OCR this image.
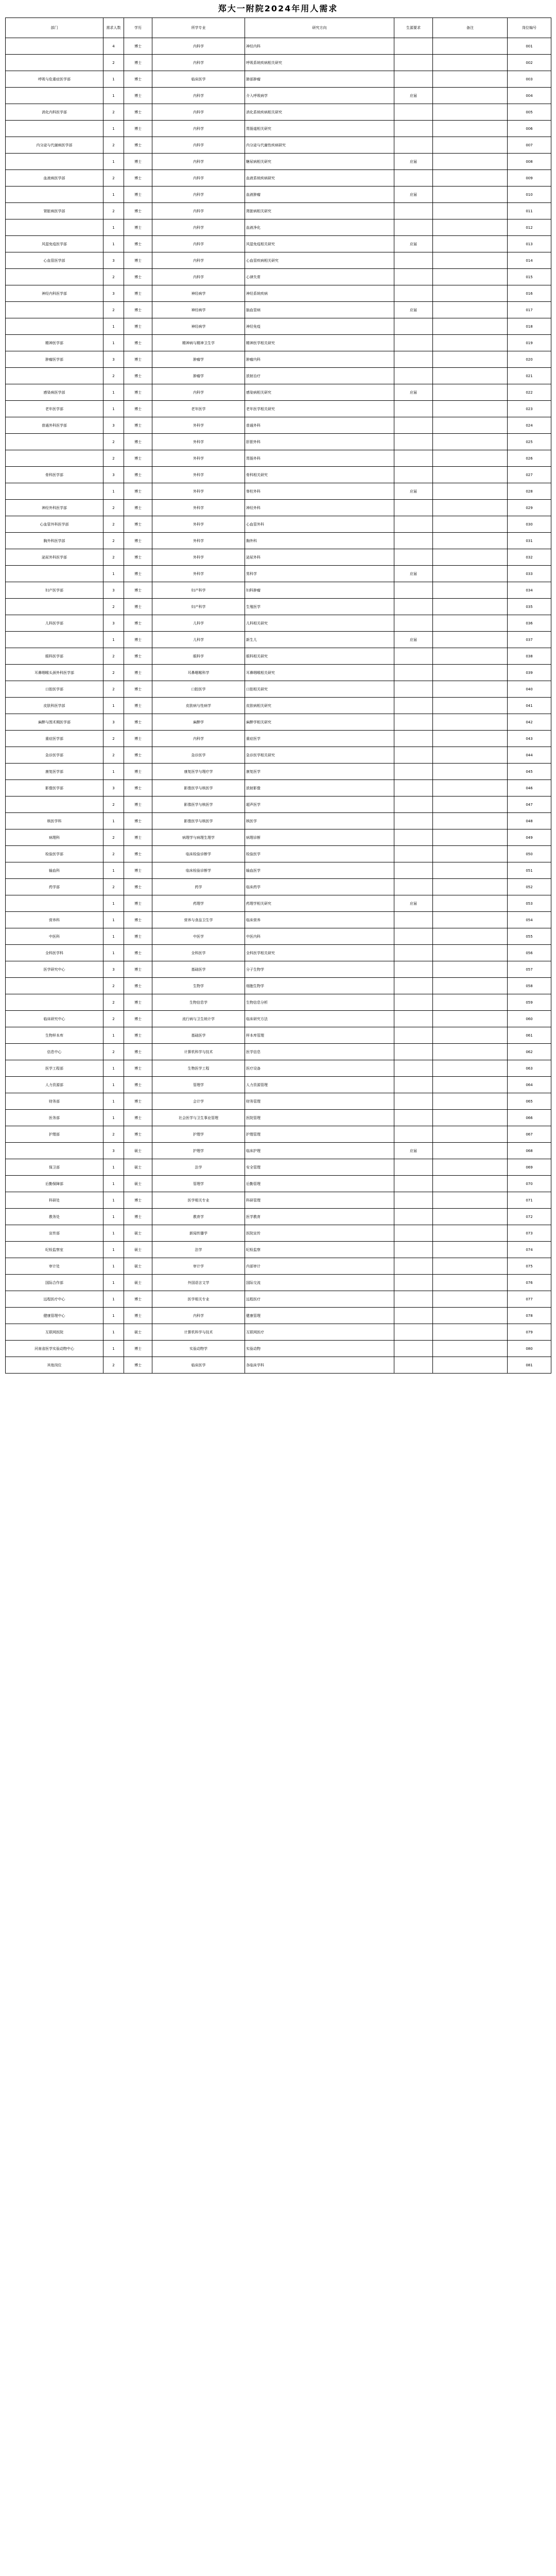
郑大一附院2024年用人需求
部门	需求人数	学历	所学专业	研究方向	生源要求	备注	岗位编号
	4	博士	内科学	神经内科			001
	2	博士	内科学	呼吸系统疾病相关研究			002
呼吸与危重症医学部	1	博士	临床医学	肺部肿瘤			003
	1	博士	内科学	介入呼吸病学	应届		004
消化内科医学部	2	博士	内科学	消化系统疾病相关研究			005
	1	博士	内科学	胃肠道相关研究			006
内分泌与代谢病医学部	2	博士	内科学	内分泌与代谢性疾病研究			007
	1	博士	内科学	糖尿病相关研究	应届		008
血液病医学部	2	博士	内科学	血液系统疾病研究			009
	1	博士	内科学	血液肿瘤	应届		010
肾脏病医学部	2	博士	内科学	肾脏病相关研究			011
	1	博士	内科学	血液净化			012
风湿免疫医学部	1	博士	内科学	风湿免疫相关研究	应届		013
心血管医学部	3	博士	内科学	心血管疾病相关研究			014
	2	博士	内科学	心律失常			015
神经内科医学部	3	博士	神经病学	神经系统疾病			016
	2	博士	神经病学	脑血管病	应届		017
	1	博士	神经病学	神经免疫			018
精神医学部	1	博士	精神病与精神卫生学	精神医学相关研究			019
肿瘤医学部	3	博士	肿瘤学	肿瘤内科			020
	2	博士	肿瘤学	放射治疗			021
感染病医学部	1	博士	内科学	感染病相关研究	应届		022
老年医学部	1	博士	老年医学	老年医学相关研究			023
普通外科医学部	3	博士	外科学	普通外科			024
	2	博士	外科学	肝胆外科			025
	2	博士	外科学	胃肠外科			026
骨科医学部	3	博士	外科学	骨科相关研究			027
	1	博士	外科学	脊柱外科	应届		028
神经外科医学部	2	博士	外科学	神经外科			029
心血管外科医学部	2	博士	外科学	心血管外科			030
胸外科医学部	2	博士	外科学	胸外科			031
泌尿外科医学部	2	博士	外科学	泌尿外科			032
	1	博士	外科学	男科学	应届		033
妇产医学部	3	博士	妇产科学	妇科肿瘤			034
	2	博士	妇产科学	生殖医学			035
儿科医学部	3	博士	儿科学	儿科相关研究			036
	1	博士	儿科学	新生儿	应届		037
眼科医学部	2	博士	眼科学	眼科相关研究			038
耳鼻咽喉头颈外科医学部	2	博士	耳鼻咽喉科学	耳鼻咽喉相关研究			039
口腔医学部	2	博士	口腔医学	口腔相关研究			040
皮肤科医学部	1	博士	皮肤病与性病学	皮肤病相关研究			041
麻醉与围术期医学部	3	博士	麻醉学	麻醉学相关研究			042
重症医学部	2	博士	内科学	重症医学			043
急诊医学部	2	博士	急诊医学	急诊医学相关研究			044
康复医学部	1	博士	康复医学与理疗学	康复医学			045
影像医学部	3	博士	影像医学与核医学	放射影像			046
	2	博士	影像医学与核医学	超声医学			047
核医学科	1	博士	影像医学与核医学	核医学			048
病理科	2	博士	病理学与病理生理学	病理诊断			049
检验医学部	2	博士	临床检验诊断学	检验医学			050
输血科	1	博士	临床检验诊断学	输血医学			051
药学部	2	博士	药学	临床药学			052
	1	博士	药理学	药理学相关研究	应届		053
营养科	1	博士	营养与食品卫生学	临床营养			054
中医科	1	博士	中医学	中医内科			055
全科医学科	1	博士	全科医学	全科医学相关研究			056
医学研究中心	3	博士	基础医学	分子生物学			057
	2	博士	生物学	细胞生物学			058
	2	博士	生物信息学	生物信息分析			059
临床研究中心	2	博士	流行病与卫生统计学	临床研究方法			060
生物样本库	1	博士	基础医学	样本库管理			061
信息中心	2	博士	计算机科学与技术	医学信息			062
医学工程部	1	博士	生物医学工程	医疗设备			063
人力资源部	1	博士	管理学	人力资源管理			064
财务部	1	博士	会计学	财务管理			065
医务部	1	博士	社会医学与卫生事业管理	医院管理			066
护理部	2	博士	护理学	护理管理			067
	3	硕士	护理学	临床护理	应届		068
保卫部	1	硕士	法学	安全管理			069
后勤保障部	1	硕士	管理学	后勤管理			070
科研处	1	博士	医学相关专业	科研管理			071
教务处	1	博士	教育学	医学教育			072
宣传部	1	硕士	新闻传播学	医院宣传			073
纪检监察室	1	硕士	法学	纪检监察			074
审计处	1	硕士	审计学	内部审计			075
国际合作部	1	硕士	外国语言文学	国际交流			076
远程医疗中心	1	博士	医学相关专业	远程医疗			077
健康管理中心	1	博士	内科学	健康管理			078
互联网医院	1	硕士	计算机科学与技术	互联网医疗			079
河南省医学实验动物中心	1	博士	实验动物学	实验动物			080
其他岗位	2	博士	临床医学	各临床学科			081
